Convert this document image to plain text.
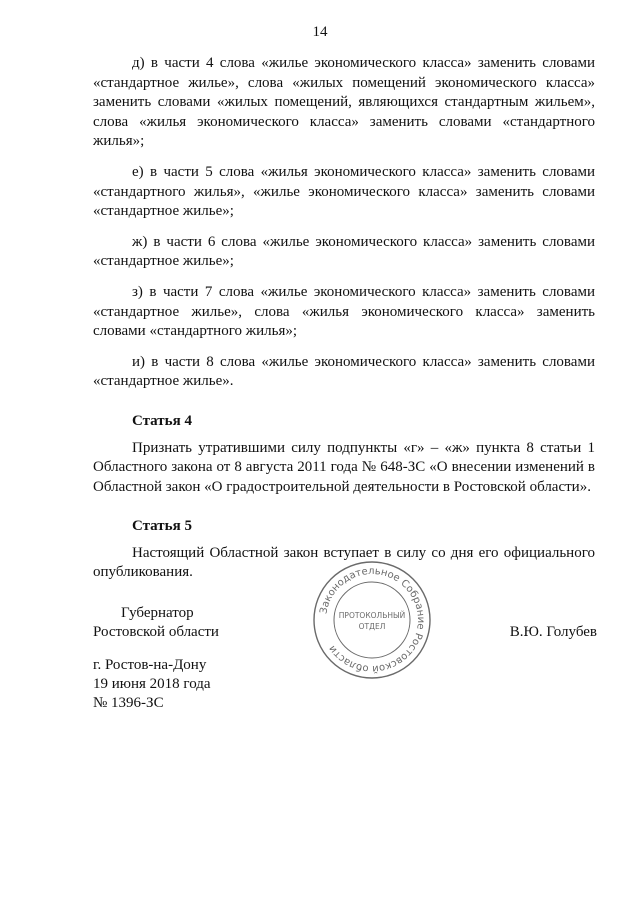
14

д) в части 4 слова «жилье экономического класса» заменить словами «стандартное жилье», слова «жилых помещений экономического класса» заменить словами «жилых помещений, являющихся стандартным жильем», слова «жилья экономического класса» заменить словами «стандартного жилья»;

е) в части 5 слова «жилья экономического класса» заменить словами «стандартного жилья», «жилье экономического класса» заменить словами «стандартное жилье»;

ж) в части 6 слова «жилье экономического класса» заменить словами «стандартное жилье»;

з) в части 7 слова «жилье экономического класса» заменить словами «стандартное жилье», слова «жилья экономического класса» заменить словами «стандартного жилья»;

и) в части 8 слова «жилье экономического класса» заменить словами «стандартное жилье».

Статья 4

Признать утратившими силу подпункты «г» – «ж» пункта 8 статьи 1 Областного закона от 8 августа 2011 года № 648-ЗС «О внесении изменений в Областной закон «О градостроительной деятельности в Ростовской области».

Статья 5

Настоящий Областной закон вступает в силу со дня его официального опубликования.

Губернатор
Ростовской области	В.Ю. Голубев
г. Ростов-на-Дону
19 июня 2018 года
№ 1396-ЗС
Законодательное Собрание Ростовской области
ПРОТОКОЛЬНЫЙ
ОТДЕЛ
